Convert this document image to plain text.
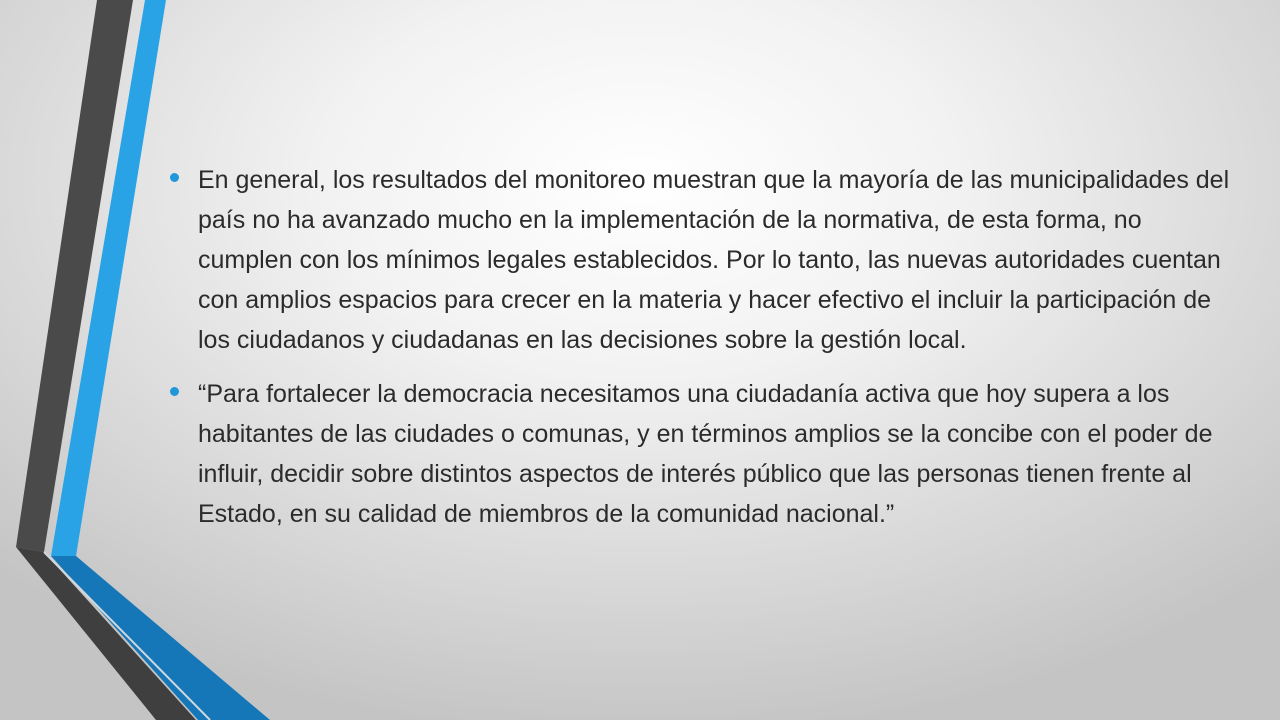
En general, los resultados del monitoreo muestran que la mayoría de las municipalidades del país no ha avanzado mucho en la implementación de la normativa, de esta forma, no cumplen con los mínimos legales establecidos. Por lo tanto, las nuevas autoridades cuentan con amplios espacios para crecer en la materia y hacer efectivo el incluir la participación de los ciudadanos y ciudadanas en las decisiones sobre la gestión local.
“Para fortalecer la democracia necesitamos una ciudadanía activa que hoy supera a los habitantes de las ciudades o comunas, y en términos amplios se la concibe con el poder de influir, decidir sobre distintos aspectos de interés público que las personas tienen frente al Estado, en su calidad de miembros de la comunidad nacional.”
